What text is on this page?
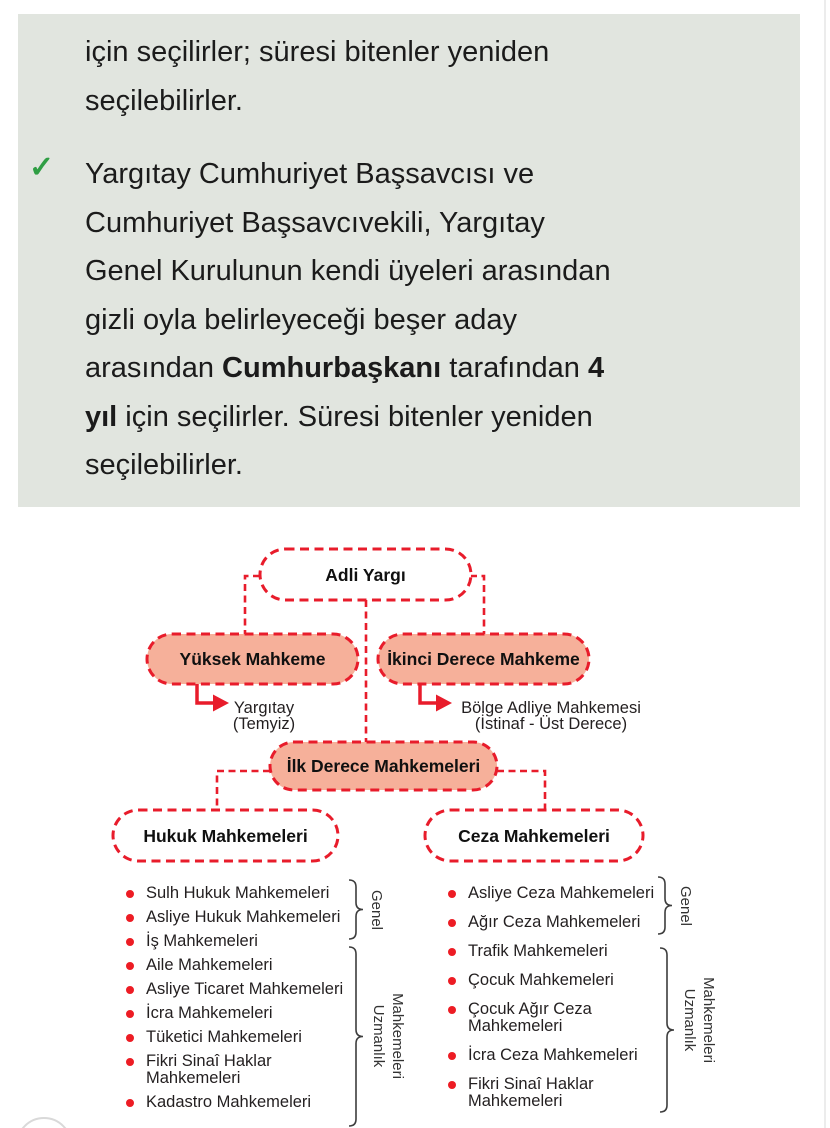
✓
için seçilirler; süresi bitenler yeniden
seçilebilirler.
Yargıtay Cumhuriyet Başsavcısı ve
Cumhuriyet Başsavcıvekili, Yargıtay
Genel Kurulunun kendi üyeleri arasından
gizli oyla belirleyeceği beşer aday
arasından Cumhurbaşkanı tarafından 4
yıl için seçilirler. Süresi bitenler yeniden
seçilebilirler.
Adli Yargı
Yüksek Mahkeme	İkinci Derece Mahkeme
İlk Derece Mahkemeleri
Hukuk Mahkemeleri	Ceza Mahkemeleri
Yargıtay
(Temyiz)
Bölge Adliye Mahkemesi
(İstinaf - Üst Derece)
Genel
Uzmanlık Mahkemeleri
Genel
Uzmanlık Mahkemeleri
Sulh Hukuk Mahkemeleri
Asliye Hukuk Mahkemeleri
İş Mahkemeleri
Aile Mahkemeleri
Asliye Ticaret Mahkemeleri
İcra Mahkemeleri
Tüketici Mahkemeleri
Fikri Sinaî Haklar
Mahkemeleri
Kadastro Mahkemeleri
Asliye Ceza Mahkemeleri
Ağır Ceza Mahkemeleri
Trafik Mahkemeleri
Çocuk Mahkemeleri
Çocuk Ağır Ceza
Mahkemeleri
İcra Ceza Mahkemeleri
Fikri Sinaî Haklar
Mahkemeleri
